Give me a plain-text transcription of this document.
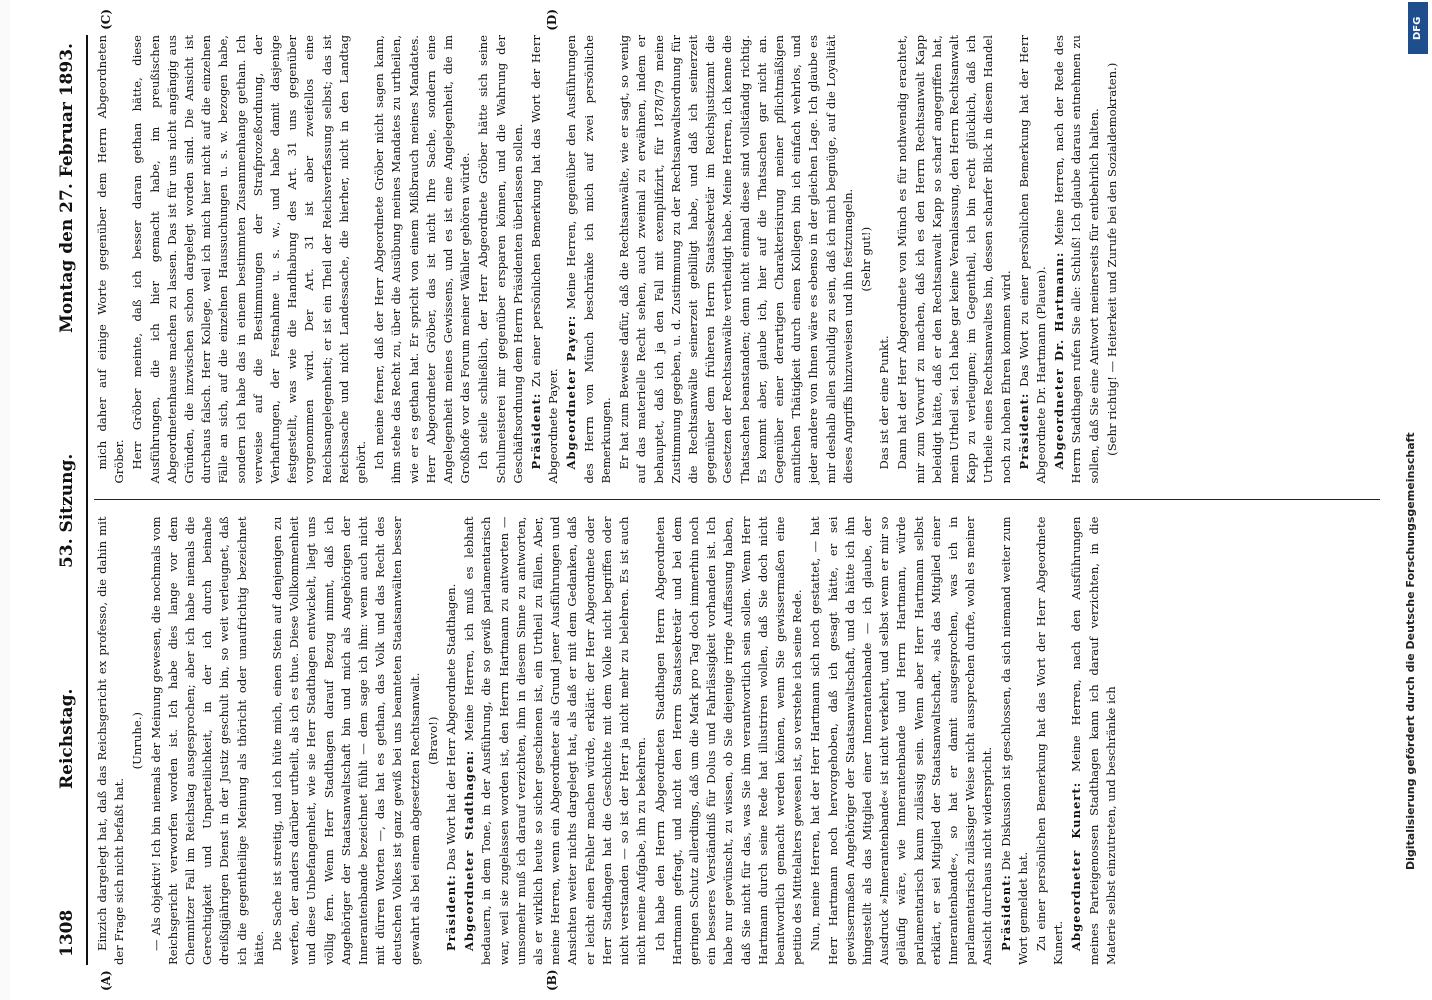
1308
Reichstag.
53. Sitzung.
Montag den 27. Februar 1893.
(A)	(B)

Einzich dargelegt hat, daß das Reichsgericht ex professo, die dahin mit der Frage sich nicht befaßt hat.

(Unruhe.) — Als objektiv! Ich bin niemals der Meinung gewesen, die nochmals vom Reichsgericht verworfen worden ist. Ich habe dies lange vor dem Chemnitzer Fall im Reichstag ausgesprochen; aber ich habe niemals die Gerechtigkeit und Unparteilichkeit, in der ich durch beinahe dreißigjährigen Dienst in der Justiz geschult bin, so weit verleugnet, daß ich die gegentheilige Meinung als thöricht oder unaufrichtig bezeichnet hätte. Die Sache ist streitig, und ich hüte mich, einen Stein auf denjenigen zu werfen, der anders darüber urtheilt, als ich es thue. Diese Vollkommenheit und diese Unbefangenheit, wie sie Herr Stadthagen entwickelt, liegt uns völlig fern. Wenn Herr Stadthagen darauf Bezug nimmt, daß ich Angehöriger der Staatsanwaltschaft bin und mich als Angehörigen der Innerantenbande bezeichnet fühlt — dem sage ich ihm: wenn auch nicht mit dürren Worten —, das hat es gethan, das Volk und das Recht des deutschen Volkes ist ganz gewiß bei uns beamteten Staatsanwälten besser gewahrt als bei einem abgesetzten Rechtsanwalt. (Bravo!)

Präsident: Das Wort hat der Herr Abgeordnete Stadthagen. Abgeordneter Stadthagen: Meine Herren, ich muß es lebhaft bedauern, in dem Tone, in der Ausführung, die so gewiß parlamentarisch war, weil sie zugelassen worden ist, den Herrn Hartmann zu antworten — umsomehr muß ich darauf verzichten, ihm in diesem Sinne zu antworten, als er wirklich heute so sicher geschienen ist, ein Urtheil zu fällen. Aber, meine Herren, wenn ein Abgeordneter als Grund jener Ausführungen und Ansichten weiter nichts dargelegt hat, als daß er mit dem Gedanken, daß er leicht einen Fehler machen würde, erklärt: der Herr Abgeordnete oder Herr Stadthagen hat die Geschichte mit dem Volke nicht begriffen oder nicht verstanden — so ist der Herr ja nicht mehr zu belehren. Es ist auch nicht meine Aufgabe, ihn zu bekehren. Ich habe den Herrn Abgeordneten Stadthagen Herrn Abgeordneten Hartmann gefragt, und nicht den Herrn Staatssekretär und bei dem geringen Schutz allerdings, daß um die Mark pro Tag doch immerhin noch ein besseres Verständniß für Dolus und Fahrlässigkeit vorhanden ist. Ich habe nur gewünscht, zu wissen, ob Sie diejenige irrige Auffassung haben, daß Sie nicht für das, was Sie ihm verantwortlich sein sollen. Wenn Herr Hartmann durch seine Rede hat illustriren wollen, daß Sie doch nicht beantwortlich gemacht werden können, wenn Sie gewissermaßen eine petitio des Mittelalters gewesen ist, so verstehe ich seine Rede. Nun, meine Herren, hat der Herr Hartmann sich noch gestattet, — hat Herr Hartmann noch hervorgehoben, daß ich gesagt hätte, er sei gewissermaßen Angehöriger der Staatsanwaltschaft, und da hätte ich ihn hingestellt als das Mitglied einer Innerantenbande — ich glaube, der Ausdruck »Innerantenbande« ist nicht verkehrt, und selbst wenn er mir so geläufig wäre, wie Innerantenbande und Herrn Hartmann, würde parlamentarisch kaum zulässig sein. Wenn aber Herr Hartmann selbst erklärt, er sei Mitglied der Staatsanwaltschaft, »als das Mitglied einer Innerantenbande«, so hat er damit ausgesprochen, was ich in parlamentarisch zulässiger Weise nicht aussprechen durfte, wohl es meiner Ansicht durchaus nicht widerspricht. Präsident: Die Diskussion ist geschlossen, da sich niemand weiter zum Wort gemeldet hat. Zu einer persönlichen Bemerkung hat das Wort der Herr Abgeordnete Kunert. Abgeordneter Kunert: Meine Herren, nach den Ausführungen meines Parteigenossen Stadthagen kann ich darauf verzichten, in die Materie selbst einzutreten, und beschränke ich

(C)	(D)

mich daher auf einige Worte gegenüber dem Herrn Abgeordneten Gröber. Herr Gröber meinte, daß ich besser daran gethan hätte, diese Ausführungen, die ich hier gemacht habe, im preußischen Abgeordnetenhause machen zu lassen. Das ist für uns nicht angängig aus Gründen, die inzwischen schon dargelegt worden sind. Die Ansicht ist durchaus falsch. Herr Kollege, weil ich mich hier nicht auf die einzelnen Fälle an sich, auf die einzelnen Haussuchungen u. s. w. bezogen habe, sondern ich habe das in einem bestimmten Zusammenhange gethan. Ich verweise auf die Bestimmungen der Strafprozeßordnung, der Verhaftungen, der Festnahme u. s. w., und habe damit dasjenige festgestellt, was wie die Handhabung des Art. 31 uns gegenüber vorgenommen wird. Der Art. 31 ist aber zweifellos eine Reichsangelegenheit; er ist ein Theil der Reichsverfassung selbst; das ist Reichssache und nicht Landessache, die hierher, nicht in den Landtag gehört. Ich meine ferner, daß der Herr Abgeordnete Gröber nicht sagen kann, ihm stehe das Recht zu, über die Ausübung meines Mandates zu urtheilen, wie er es gethan hat. Er spricht von einem Mißbrauch meines Mandates. Herr Abgeordneter Gröber, das ist nicht Ihre Sache, sondern eine Angelegenheit meines Gewissens, und es ist eine Angelegenheit, die im Großhofe vor das Forum meiner Wähler gehören würde. Ich stelle schließlich, der Herr Abgeordnete Gröber hätte sich seine Schulmeisterei mir gegenüber ersparen können, und die Wahrung der Geschäftsordnung dem Herrn Präsidenten überlassen sollen. Präsident: Zu einer persönlichen Bemerkung hat das Wort der Herr Abgeordnete Payer. Abgeordneter Payer: Meine Herren, gegenüber den Ausführungen des Herrn von Münch beschränke ich mich auf zwei persönliche Bemerkungen. Er hat zum Beweise dafür, daß die Rechtsanwälte, wie er sagt, so wenig auf das materielle Recht sehen, auch zweimal zu erwähnen, indem er behauptet, daß ich ja den Fall mit exemplifizirt, für 1878/79 meine Zustimmung gegeben, u. d. Zustimmung zu der Rechtsanwaltsordnung für die Rechtsanwälte seinerzeit gebilligt habe, und daß ich seinerzeit gegenüber dem früheren Herrn Staatssekretär im Reichsjustizamt die Gesetzen der Rechtsanwälte vertheidigt habe. Meine Herren, ich kenne die Thatsachen beanstanden; denn nicht einmal diese sind vollständig richtig. Es kommt aber, glaube ich, hier auf die Thatsachen gar nicht an. Gegenüber einer derartigen Charakterisirung meiner pflichtmäßigen amtlichen Thätigkeit durch einen Kollegen bin ich einfach wehrlos, und jeder andere von Ihnen wäre es ebenso in der gleichen Lage. Ich glaube es mir deshalb allen schuldig zu sein, daß ich mich begnüge, auf die Loyalität dieses Angriffs hinzuweisen und ihn festzunageln. (Sehr gut!)

Das ist der eine Punkt. Dann hat der Herr Abgeordnete von Münch es für nothwendig erachtet, mir zum Vorwurf zu machen, daß ich es den Herrn Rechtsanwalt Kapp beleidigt hätte, daß er den Rechtsanwalt Kapp so scharf angegriffen hat, mein Urtheil sei. Ich habe gar keine Veranlassung, den Herrn Rechtsanwalt Kapp zu verleugnen; im Gegentheil, ich bin recht glücklich, daß ich Urtheile eines Rechtsanwaltes bin, dessen scharfer Blick in diesem Handel noch zu hohen Ehren kommen wird. Präsident: Das Wort zu einer persönlichen Bemerkung hat der Herr Abgeordnete Dr. Hartmann (Plauen). Abgeordneter Dr. Hartmann: Meine Herren, nach der Rede des Herrn Stadthagen rufen Sie alle: Schluß! Ich glaube daraus entnehmen zu sollen, daß Sie eine Antwort meinerseits für entbehrlich halten. (Sehr richtig! — Heiterkeit und Zurufe bei den Sozialdemokraten.)

Digitalisierung gefördert durch die Deutsche Forschungsgemeinschaft
DFG
